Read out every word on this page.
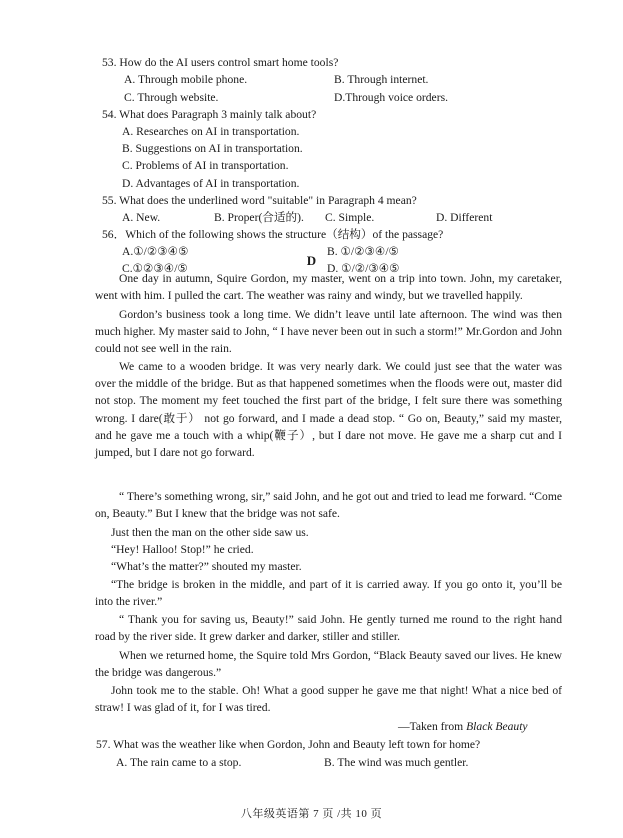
53. How do the AI users control smart home tools?
A. Through mobile phone.	B. Through internet.
C. Through website.	D.Through voice orders.
54. What does Paragraph 3 mainly talk about?
A. Researches on AI in transportation.
B. Suggestions on AI in transportation.
C. Problems of AI in transportation.
D. Advantages of AI in transportation.
55. What does the underlined word "suitable" in Paragraph 4 mean?
A. New.	B. Proper(合适的). C. Simple.	D. Different
56．Which of the following shows the structure（结构）of the passage?
A.①/②③④⑤	B. ①/②③④/⑤
C.①②③④/⑤	D. ①/②/③④⑤
D

One day in autumn, Squire Gordon, my master, went on a trip into town. John, my caretaker, went with him. I pulled the cart. The weather was rainy and windy, but we travelled happily.

Gordon’s business took a long time. We didn’t leave until late afternoon. The wind was then much higher. My master said to John, “ I have never been out in such a storm!” Mr.Gordon and John could not see well in the rain.

We came to a wooden bridge. It was very nearly dark. We could just see that the water was over the middle of the bridge. But as that happened sometimes when the floods were out, master did not stop. The moment my feet touched the first part of the bridge, I felt sure there was something wrong. I dare(敢于） not go forward, and I made a dead stop. “ Go on, Beauty,” said my master, and he gave me a touch with a whip(鞭子）, but I dare not move. He gave me a sharp cut and I jumped, but I dare not go forward.

“ There’s something wrong, sir,” said John, and he got out and tried to lead me forward. “Come on, Beauty.” But I knew that the bridge was not safe.

Just then the man on the other side saw us.

“Hey! Halloo! Stop!” he cried.

“What’s the matter?” shouted my master.

“The bridge is broken in the middle, and part of it is carried away. If you go onto it, you’ll be into the river.”

“ Thank you for saving us, Beauty!” said John. He gently turned me round to the right hand road by the river side. It grew darker and darker, stiller and stiller.

When we returned home, the Squire told Mrs Gordon, “Black Beauty saved our lives. He knew the bridge was dangerous.”

John took me to the stable. Oh! What a good supper he gave me that night! What a nice bed of straw! I was glad of it, for I was tired.

—Taken from Black Beauty
57. What was the weather like when Gordon, John and Beauty left town for home?
A. The rain came to a stop.	B. The wind was much gentler.
八年级英语第 7 页 /共 10 页
